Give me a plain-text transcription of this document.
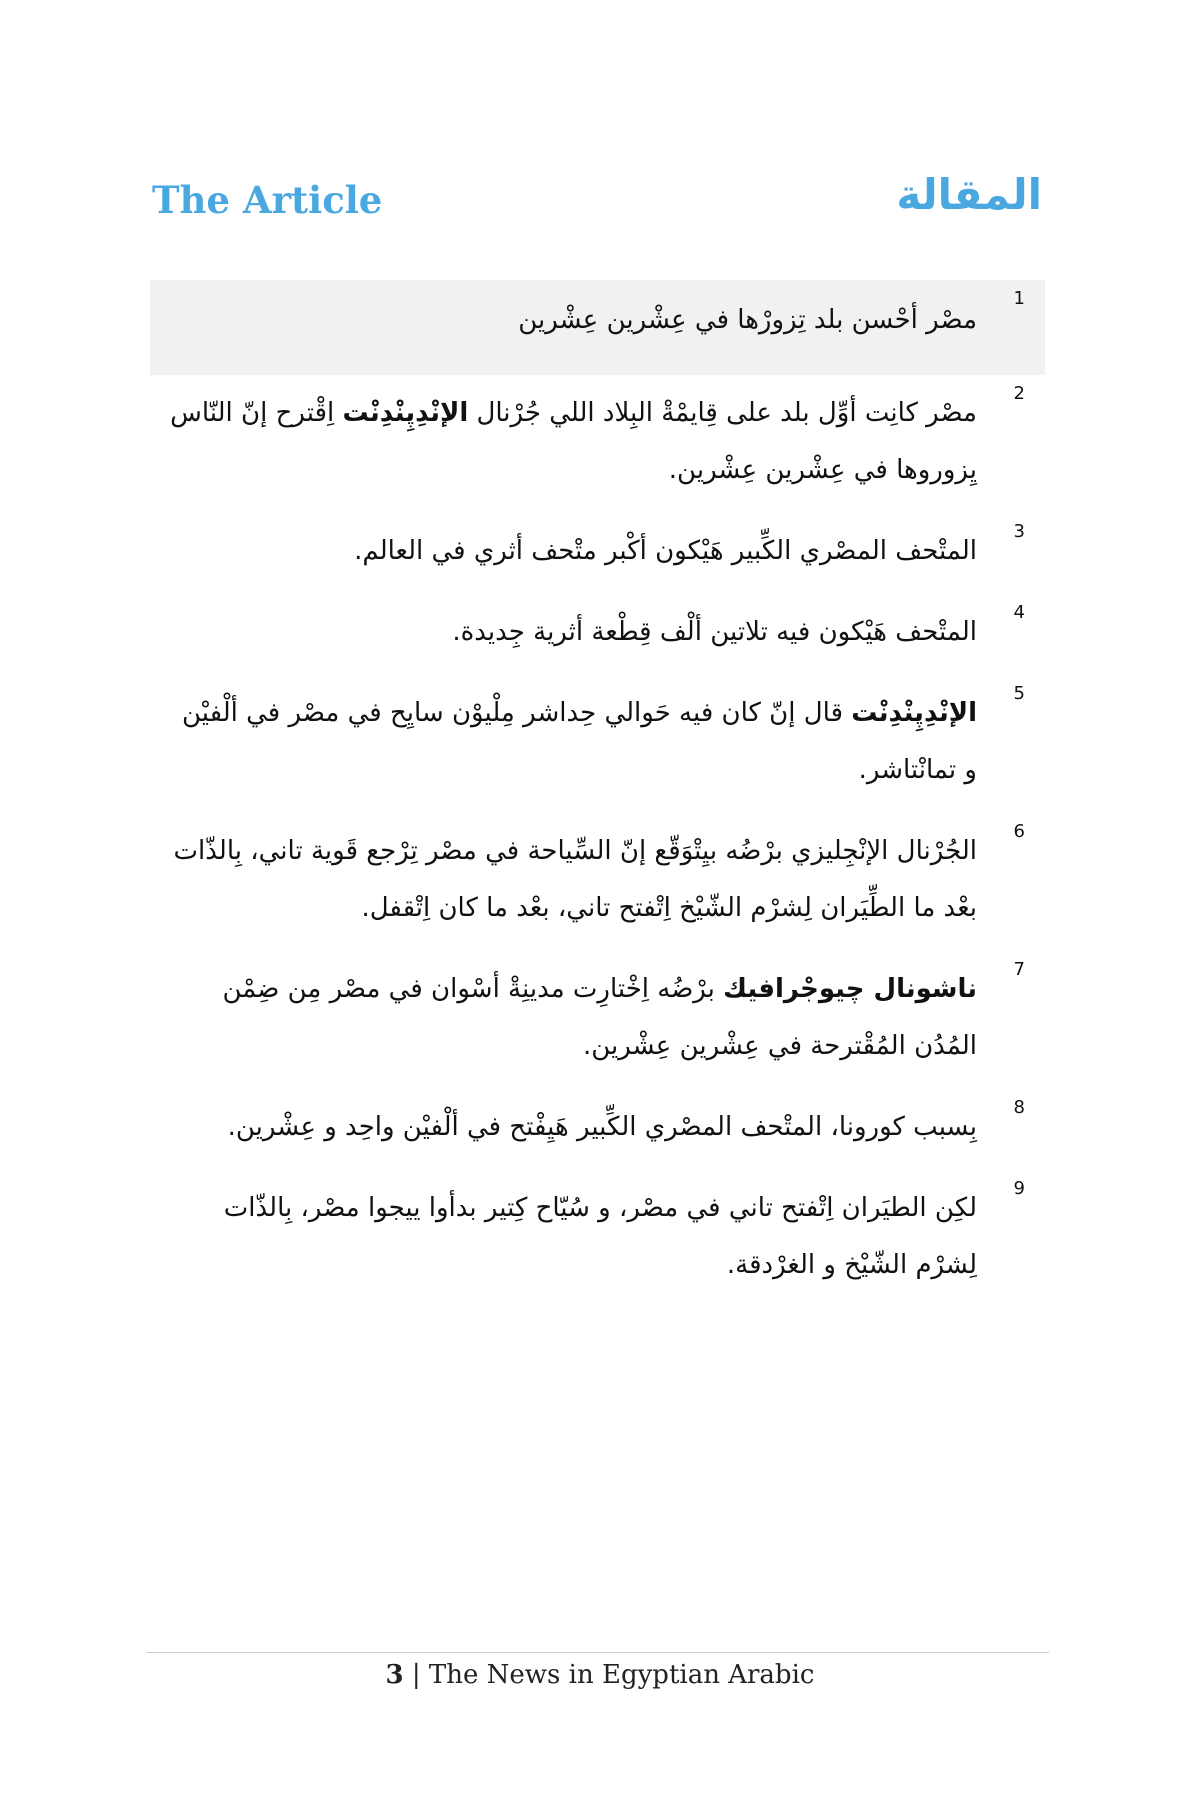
The Article	المقالة
1
مصْر أحْسن بلد تِزورْها في عِشْرين عِشْرين
2
مصْر كانِت أوِّل بلد على قِايمْةْ البِلاد اللي جُرْنال الإنْدِپِنْدِنْت اِقْترح إنّ النّاس يِزوروها في عِشْرين عِشْرين.
3
المتْحف المصْري الكِّبير هَيْكون أكْبر متْحف أثري في العالم.
4
المتْحف هَيْكون فيه تلاتين ألْف قِطْعة أثرية جِديدة.
5
الإنْدِپِنْدِنْت قال إنّ كان فيه حَوالي حِداشر مِلْيوْن سايِح في مصْر في ألْفيْن و تمانْتاشر.
6
الجُرْنال الإنْجِليزي برْضُه بيِتْوَقّع إنّ السِّياحة في مصْر تِرْجع قَوية تاني، بِالذّات بعْد ما الطِّيَران لِشرْم الشّيْخ اِتْفتح تاني، بعْد ما كان اِتْقفل.
7
ناشونال چيوجْرافيك برْضُه اِخْتارِت مدينِةْ أسْوان في مصْر مِن ضِمْن المُدُن المُقْترحة في عِشْرين عِشْرين.
8
بِسبب كورونا، المتْحف المصْري الكِّبير هَيِفْتح في ألْفيْن واحِد و عِشْرين.
9
لكِن الطيَران اِتْفتح تاني في مصْر، و سُيّاح كِتير بدأوا ييجوا مصْر، بِالذّات لِشرْم الشّيْخ و الغرْدقة.
3 | The News in Egyptian Arabic
